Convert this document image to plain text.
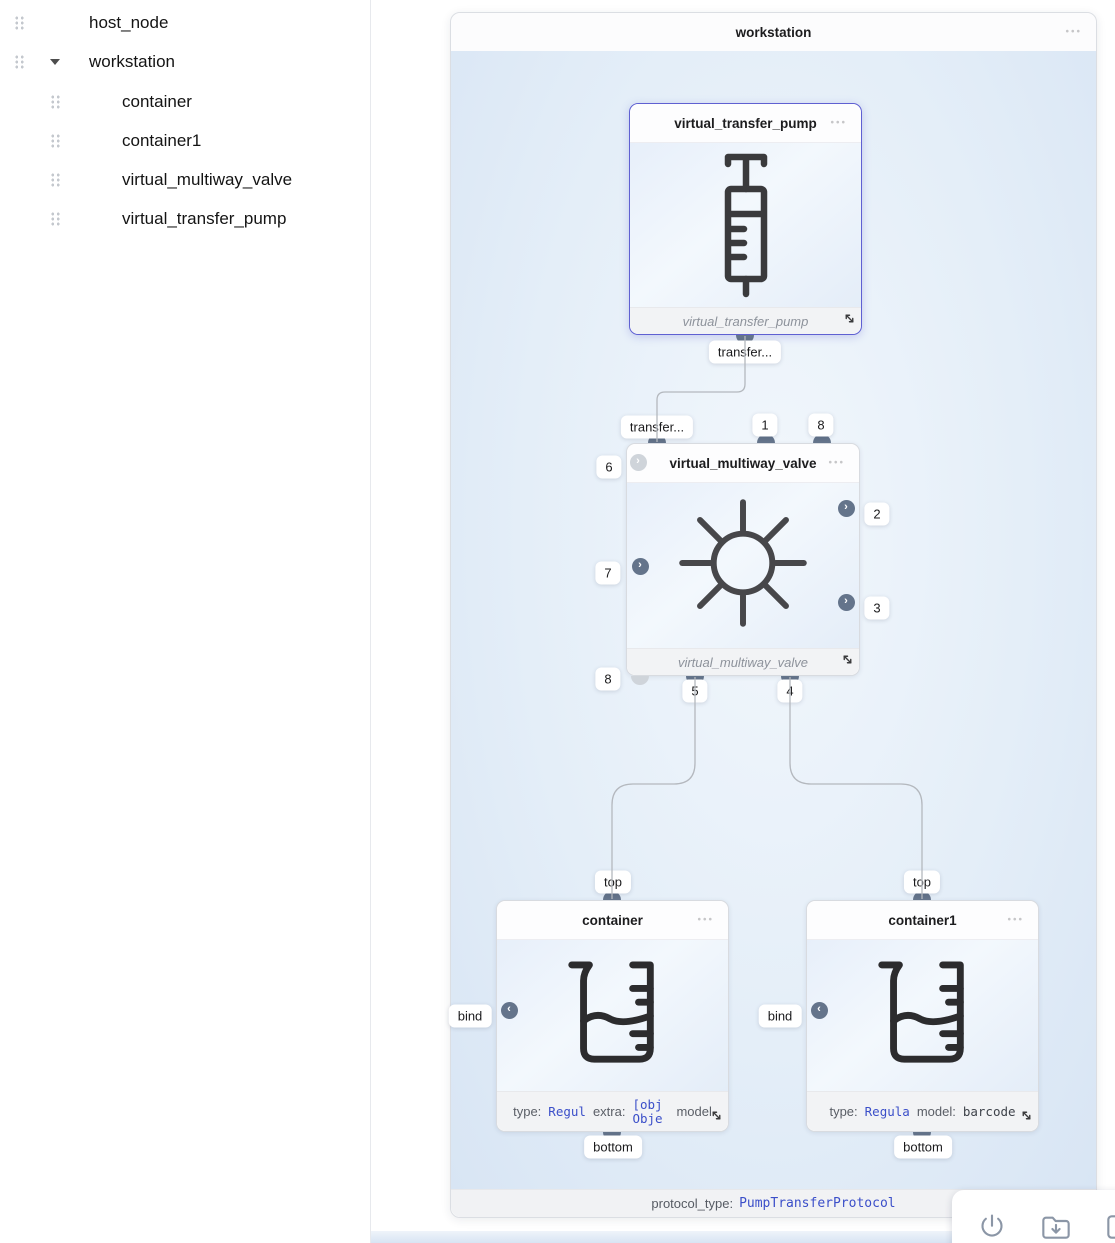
host_node
workstation
container
container1
virtual_multiway_valve
virtual_transfer_pump
workstation	•••
protocol_type: PumpTransferProtocol
virtual_transfer_pump •••
virtual_transfer_pump
virtual_multiway_valve •••
virtual_multiway_valve
container	•••
type: Regul extra: [obj Obje	model
container1	•••
type: Regula model: barcode
›
›
›
›
‹	‹
transfer...
transfer...	1	8
6
7
8
2
3
5	4
top
bind
bottom
top
bind
bottom
